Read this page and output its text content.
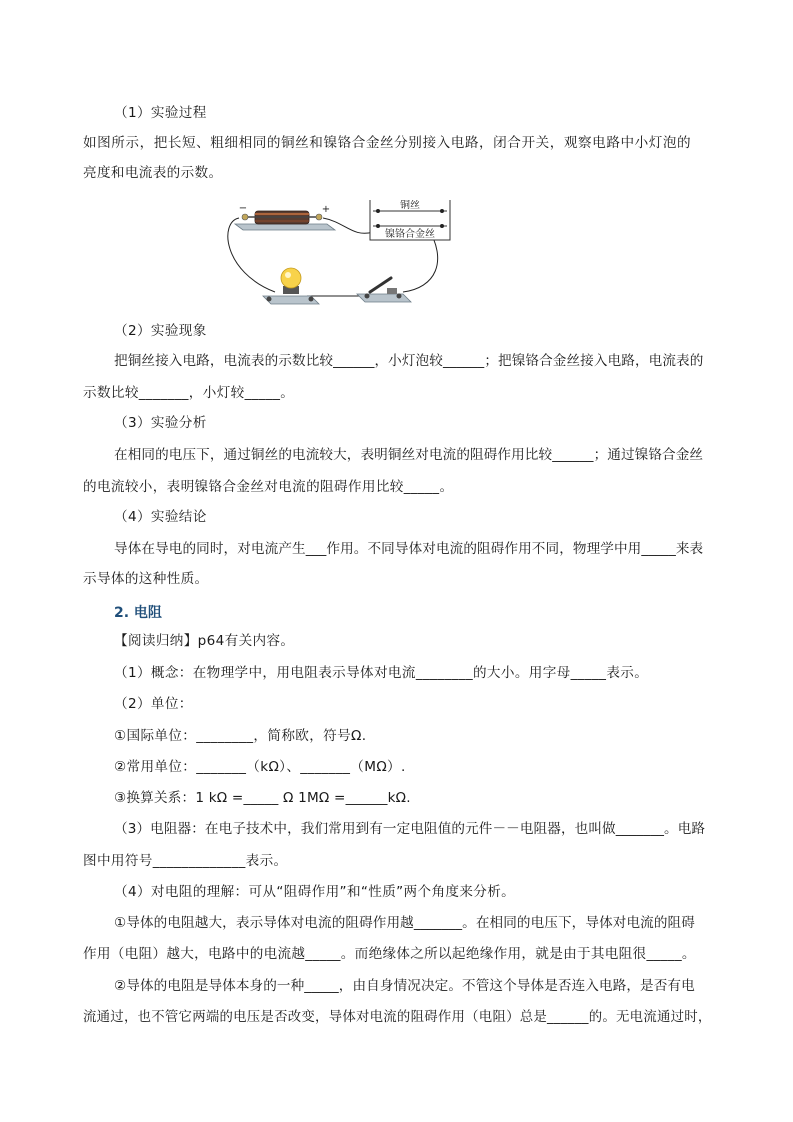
（1）实验过程
如图所示，把长短、粗细相同的铜丝和镍铬合金丝分别接入电路，闭合开关，观察电路中小灯泡的
亮度和电流表的示数。
−	+	铜丝
镍铬合金丝
（2）实验现象
把铜丝接入电路，电流表的示数比较______，小灯泡较______；把镍铬合金丝接入电路，电流表的
示数比较_______，小灯较_____。
（3）实验分析
在相同的电压下，通过铜丝的电流较大，表明铜丝对电流的阻碍作用比较______；通过镍铬合金丝
的电流较小，表明镍铬合金丝对电流的阻碍作用比较_____。
（4）实验结论
导体在导电的同时，对电流产生___作用。不同导体对电流的阻碍作用不同，物理学中用_____来表
示导体的这种性质。
2. 电阻
【阅读归纳】p64有关内容。
（1）概念：在物理学中，用电阻表示导体对电流________的大小。用字母_____表示。
（2）单位：
①国际单位：________，简称欧，符号Ω.
②常用单位：_______（kΩ）、_______（MΩ）.
③换算关系：1 kΩ =_____ Ω 1MΩ =______kΩ.
（3）电阻器：在电子技术中，我们常用到有一定电阻值的元件－－电阻器，也叫做_______。电路
图中用符号_____________表示。
（4）对电阻的理解：可从“阻碍作用”和“性质”两个角度来分析。
①导体的电阻越大，表示导体对电流的阻碍作用越_______。在相同的电压下，导体对电流的阻碍
作用（电阻）越大，电路中的电流越_____。而绝缘体之所以起绝缘作用，就是由于其电阻很_____。
②导体的电阻是导体本身的一种_____，由自身情况决定。不管这个导体是否连入电路，是否有电
流通过，也不管它两端的电压是否改变，导体对电流的阻碍作用（电阻）总是______的。无电流通过时，
